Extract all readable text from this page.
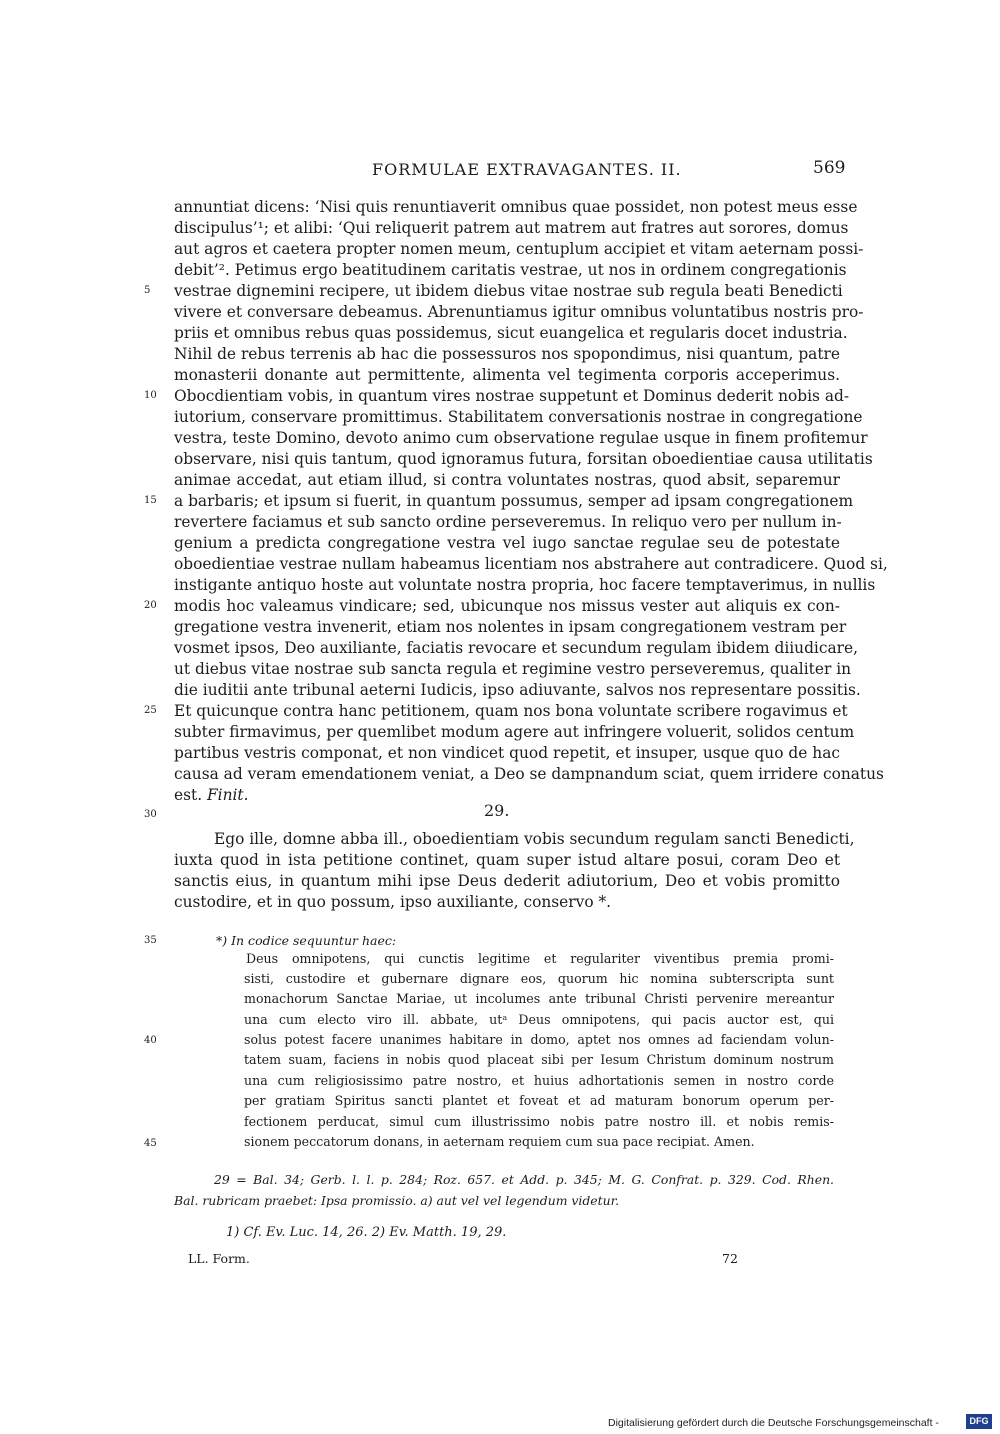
FORMULAE EXTRAVAGANTES. II.	569
annuntiat dicens: ‘Nisi quis renuntiaverit omnibus quae possidet, non potest meus esse
discipulus’¹; et alibi: ‘Qui reliquerit patrem aut matrem aut fratres aut sorores, domus
aut agros et caetera propter nomen meum, centuplum accipiet et vitam aeternam possi-
debit’². Petimus ergo beatitudinem caritatis vestrae, ut nos in ordinem congregationis
vestrae dignemini recipere, ut ibidem diebus vitae nostrae sub regula beati Benedicti
vivere et conversare debeamus. Abrenuntiamus igitur omnibus voluntatibus nostris pro-
priis et omnibus rebus quas possidemus, sicut euangelica et regularis docet industria.
Nihil de rebus terrenis ab hac die possessuros nos spopondimus, nisi quantum, patre
monasterii donante aut permittente, alimenta vel tegimenta corporis acceperimus.
Obocdientiam vobis, in quantum vires nostrae suppetunt et Dominus dederit nobis ad-
iutorium, conservare promittimus. Stabilitatem conversationis nostrae in congregatione
vestra, teste Domino, devoto animo cum observatione regulae usque in finem profitemur
observare, nisi quis tantum, quod ignoramus futura, forsitan oboedientiae causa utilitatis
animae accedat, aut etiam illud, si contra voluntates nostras, quod absit, separemur
a barbaris; et ipsum si fuerit, in quantum possumus, semper ad ipsam congregationem
revertere faciamus et sub sancto ordine perseveremus. In reliquo vero per nullum in-
genium a predicta congregatione vestra vel iugo sanctae regulae seu de potestate
oboedientiae vestrae nullam habeamus licentiam nos abstrahere aut contradicere. Quod si,
instigante antiquo hoste aut voluntate nostra propria, hoc facere temptaverimus, in nullis
modis hoc valeamus vindicare; sed, ubicunque nos missus vester aut aliquis ex con-
gregatione vestra invenerit, etiam nos nolentes in ipsam congregationem vestram per
vosmet ipsos, Deo auxiliante, faciatis revocare et secundum regulam ibidem diiudicare,
ut diebus vitae nostrae sub sancta regula et regimine vestro perseveremus, qualiter in
die iuditii ante tribunal aeterni Iudicis, ipso adiuvante, salvos nos representare possitis.
Et quicunque contra hanc petitionem, quam nos bona voluntate scribere rogavimus et
subter firmavimus, per quemlibet modum agere aut infringere voluerit, solidos centum
partibus vestris componat, et non vindicet quod repetit, et insuper, usque quo de hac
causa ad veram emendationem veniat, a Deo se dampnandum sciat, quem irridere conatus
est. Finit.
5
10
15
20
25
30	29.
Ego ille, domne abba ill., oboedientiam vobis secundum regulam sancti Benedicti,
iuxta quod in ista petitione continet, quam super istud altare posui, coram Deo et
sanctis eius, in quantum mihi ipse Deus dederit adiutorium, Deo et vobis promitto
custodire, et in quo possum, ipso auxiliante, conservo *.
*) In codice sequuntur haec:
Deus omnipotens, qui cunctis legitime et regulariter viventibus premia promi-
sisti, custodire et gubernare dignare eos, quorum hic nomina subterscripta sunt
monachorum Sanctae Mariae, ut incolumes ante tribunal Christi pervenire mereantur
una cum electo viro ill. abbate, utᵃ Deus omnipotens, qui pacis auctor est, qui
solus potest facere unanimes habitare in domo, aptet nos omnes ad faciendam volun-
tatem suam, faciens in nobis quod placeat sibi per Iesum Christum dominum nostrum
una cum religiosissimo patre nostro, et huius adhortationis semen in nostro corde
per gratiam Spiritus sancti plantet et foveat et ad maturam bonorum operum per-
fectionem perducat, simul cum illustrissimo nobis patre nostro ill. et nobis remis-
sionem peccatorum donans, in aeternam requiem cum sua pace recipiat. Amen.
35
40
45
29 = Bal. 34; Gerb. l. l. p. 284; Roz. 657. et Add. p. 345; M. G. Confrat. p. 329. Cod. Rhen.
Bal. rubricam praebet: Ipsa promissio. a) aut vel vel legendum videtur.
1) Cf. Ev. Luc. 14, 26. 2) Ev. Matth. 19, 29.
LL. Form.	72
Digitalisierung gefördert durch die Deutsche Forschungsgemeinschaft -	DFG
